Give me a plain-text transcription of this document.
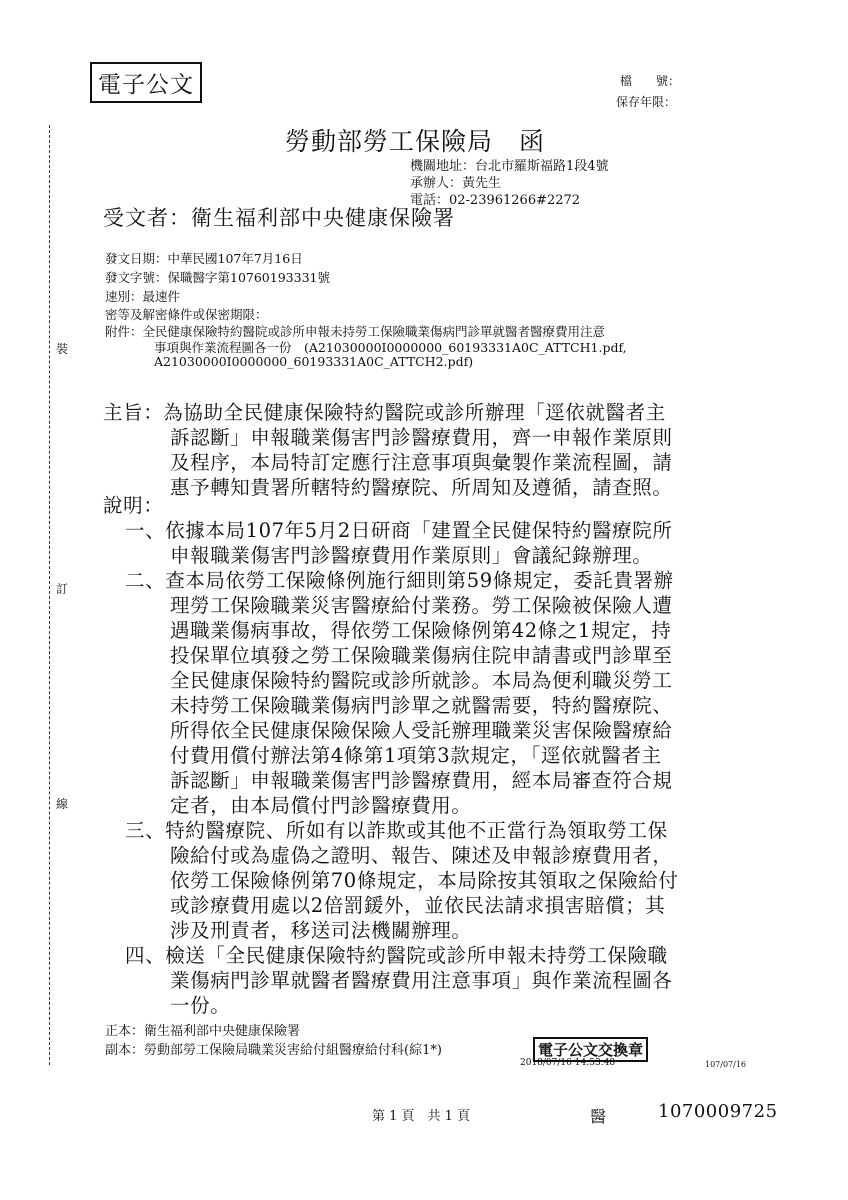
裝
訂
線
電子公文	檔　　號：
保存年限：
勞動部勞工保險局　函
機關地址：台北市羅斯福路1段4號
承辦人：黃先生
電話：02-23961266#2272
受文者：衛生福利部中央健康保險署
發文日期：中華民國107年7月16日
發文字號：保職醫字第10760193331號
速別：最速件
密等及解密條件或保密期限：
附件：全民健康保險特約醫院或診所申報未持勞工保險職業傷病門診單就醫者醫療費用注意
事項與作業流程圖各一份　(A21030000I0000000_60193331A0C_ATTCH1.pdf,
A21030000I0000000_60193331A0C_ATTCH2.pdf)
主旨：為協助全民健康保險特約醫院或診所辦理「逕依就醫者主
訴認斷」申報職業傷害門診醫療費用，齊一申報作業原則
及程序，本局特訂定應行注意事項與彙製作業流程圖，請
惠予轉知貴署所轄特約醫療院、所周知及遵循，請查照。
說明：
一、依據本局107年5月2日研商「建置全民健保特約醫療院所
申報職業傷害門診醫療費用作業原則」會議紀錄辦理。
二、查本局依勞工保險條例施行細則第59條規定，委託貴署辦
理勞工保險職業災害醫療給付業務。勞工保險被保險人遭
遇職業傷病事故，得依勞工保險條例第42條之1規定，持
投保單位填發之勞工保險職業傷病住院申請書或門診單至
全民健康保險特約醫院或診所就診。本局為便利職災勞工
未持勞工保險職業傷病門診單之就醫需要，特約醫療院、
所得依全民健康保險保險人受託辦理職業災害保險醫療給
付費用償付辦法第4條第1項第3款規定，「逕依就醫者主
訴認斷」申報職業傷害門診醫療費用，經本局審查符合規
定者，由本局償付門診醫療費用。
三、特約醫療院、所如有以詐欺或其他不正當行為領取勞工保
險給付或為虛偽之證明、報告、陳述及申報診療費用者，
依勞工保險條例第70條規定，本局除按其領取之保險給付
或診療費用處以2倍罰鍰外，並依民法請求損害賠償；其
涉及刑責者，移送司法機關辦理。
四、檢送「全民健康保險特約醫院或診所申報未持勞工保險職
業傷病門診單就醫者醫療費用注意事項」與作業流程圖各
一份。
正本：衛生福利部中央健康保險署
副本：勞動部勞工保險局職業災害給付組醫療給付科(綜1*)	電子公文交換章
2018/07/16 14:53:48	107/07/16
第 1 頁　共 1 頁	醫	1070009725
